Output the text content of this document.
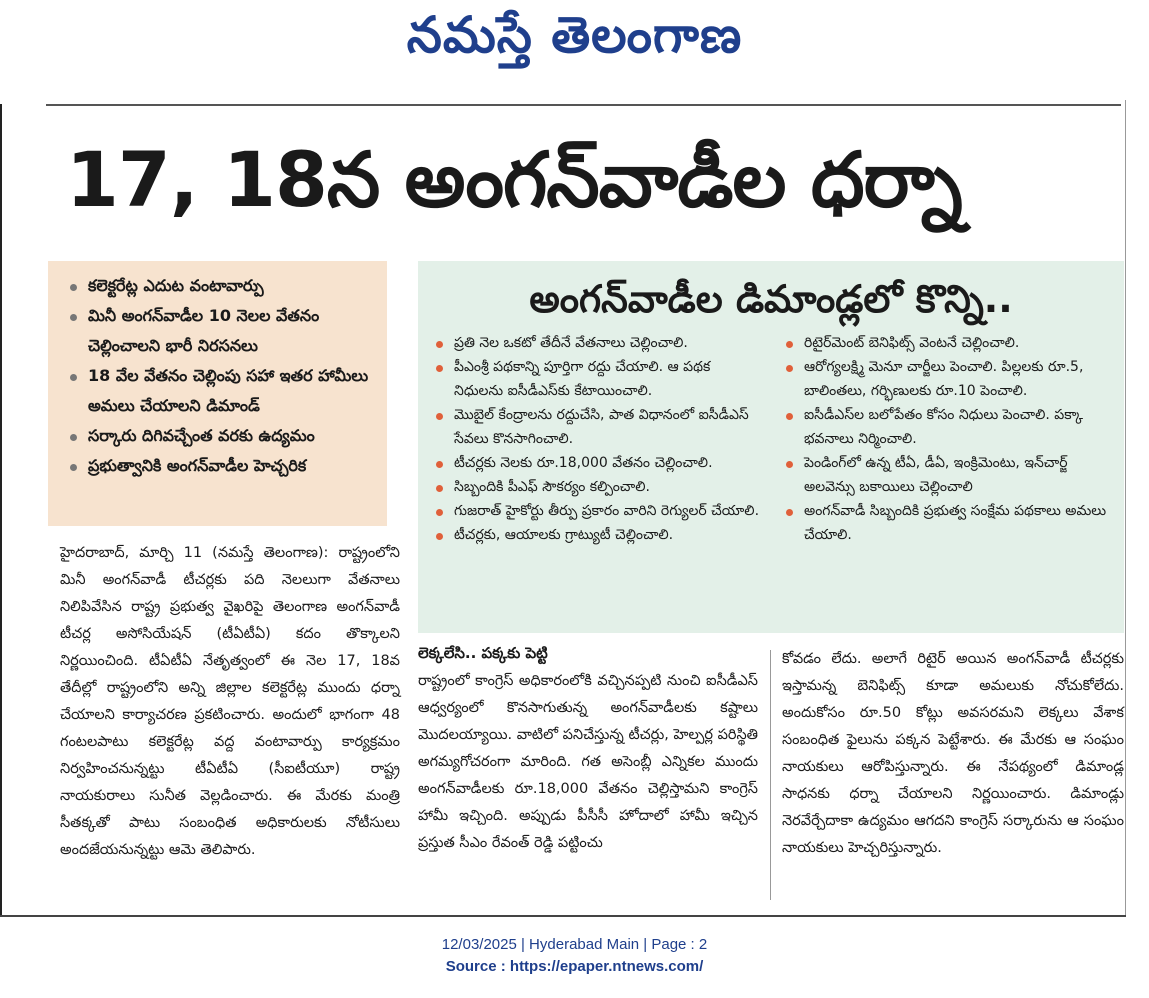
నమస్తే తెలంగాణ
17, 18న అంగన్‌వాడీల ధర్నా
కలెక్టరేట్ల ఎదుట వంటావార్పు
మినీ అంగన్‌వాడీల 10 నెలల వేతనం చెల్లించాలని భారీ నిరసనలు
18 వేల వేతనం చెల్లింపు సహా ఇతర హామీలు అమలు చేయాలని డిమాండ్
సర్కారు దిగివచ్చేంత వరకు ఉద్యమం
ప్రభుత్వానికి అంగన్‌వాడీల హెచ్చరిక
అంగన్‌వాడీల డిమాండ్లలో కొన్ని..
ప్రతి నెల ఒకటో తేదీనే వేతనాలు చెల్లించాలి.
పీఎంశ్రీ పథకాన్ని పూర్తిగా రద్దు చేయాలి. ఆ పథక నిధులను ఐసీడీఎస్‌కు కేటాయించాలి.
మొబైల్ కేంద్రాలను రద్దుచేసి, పాత విధానంలో ఐసీడీఎస్ సేవలు కొనసాగించాలి.
టీచర్లకు నెలకు రూ.18,000 వేతనం చెల్లించాలి.
సిబ్బందికి పీఎఫ్ సౌకర్యం కల్పించాలి.
గుజరాత్ హైకోర్టు తీర్పు ప్రకారం వారిని రెగ్యులర్ చేయాలి.
టీచర్లకు, ఆయాలకు గ్రాట్యుటీ చెల్లించాలి.
రిటైర్‌మెంట్ బెనిఫిట్స్ వెంటనే చెల్లించాలి.
ఆరోగ్యలక్ష్మి మెనూ చార్జీలు పెంచాలి. పిల్లలకు రూ.5, బాలింతలు, గర్భిణులకు రూ.10 పెంచాలి.
ఐసీడీఎస్‌ల బలోపేతం కోసం నిధులు పెంచాలి. పక్కా భవనాలు నిర్మించాలి.
పెండింగ్‌లో ఉన్న టీఏ, డీఏ, ఇంక్రిమెంటు, ఇన్‌చార్జ్ అలవెన్సు బకాయిలు చెల్లించాలి
అంగన్‌వాడీ సిబ్బందికి ప్రభుత్వ సంక్షేమ పథకాలు అమలు చేయాలి.

హైదరాబాద్, మార్చి 11 (నమస్తే తెలంగాణ): రాష్ట్రంలోని మినీ అంగన్‌వాడీ టీచర్లకు పది నెలలుగా వేతనాలు నిలిపివేసిన రాష్ట్ర ప్రభుత్వ వైఖరిపై తెలంగాణ అంగన్‌వాడీ టీచర్ల అసోసియేషన్ (టీఏటీఏ) కదం తొక్కాలని నిర్ణయించింది. టీఏటీఏ నేతృత్వంలో ఈ నెల 17, 18వ తేదీల్లో రాష్ట్రంలోని అన్ని జిల్లాల కలెక్టరేట్ల ముందు ధర్నా చేయాలని కార్యాచరణ ప్రకటించారు. అందులో భాగంగా 48 గంటలపాటు కలెక్టరేట్ల వద్ద వంటావార్పు కార్యక్రమం నిర్వహించనున్నట్టు టీఏటీఏ (సీఐటీయూ) రాష్ట్ర నాయకురాలు సునీత వెల్లడించారు. ఈ మేరకు మంత్రి సీతక్కతో పాటు సంబంధిత అధికారులకు నోటీసులు అందజేయనున్నట్టు ఆమె తెలిపారు.

లెక్కలేసి.. పక్కకు పెట్టి

రాష్ట్రంలో కాంగ్రెస్ అధికారంలోకి వచ్చినప్పటి నుంచి ఐసీడీఎస్ ఆధ్వర్యంలో కొనసాగుతున్న అంగన్‌వాడీలకు కష్టాలు మొదలయ్యాయి. వాటిలో పనిచేస్తున్న టీచర్లు, హెల్పర్ల పరిస్థితి అగమ్యగోచరంగా మారింది. గత అసెంబ్లీ ఎన్నికల ముందు అంగన్‌వాడీలకు రూ.18,000 వేతనం చెల్లిస్తామని కాంగ్రెస్ హామీ ఇచ్చింది. అప్పుడు పీసీసీ హోదాలో హామీ ఇచ్చిన ప్రస్తుత సీఎం రేవంత్ రెడ్డి పట్టించు

కోవడం లేదు. అలాగే రిటైర్ అయిన అంగన్‌వాడీ టీచర్లకు ఇస్తామన్న బెనిఫిట్స్ కూడా అమలుకు నోచుకోలేదు. అందుకోసం రూ.50 కోట్లు అవసరమని లెక్కలు వేశాక సంబంధిత ఫైలును పక్కన పెట్టేశారు. ఈ మేరకు ఆ సంఘం నాయకులు ఆరోపిస్తున్నారు. ఈ నేపథ్యంలో డిమాండ్ల సాధనకు ధర్నా చేయాలని నిర్ణయించారు. డిమాండ్లు నెరవేర్చేదాకా ఉద్యమం ఆగదని కాంగ్రెస్ సర్కారును ఆ సంఘం నాయకులు హెచ్చరిస్తున్నారు.

12/03/2025 | Hyderabad Main | Page : 2
Source : https://epaper.ntnews.com/
